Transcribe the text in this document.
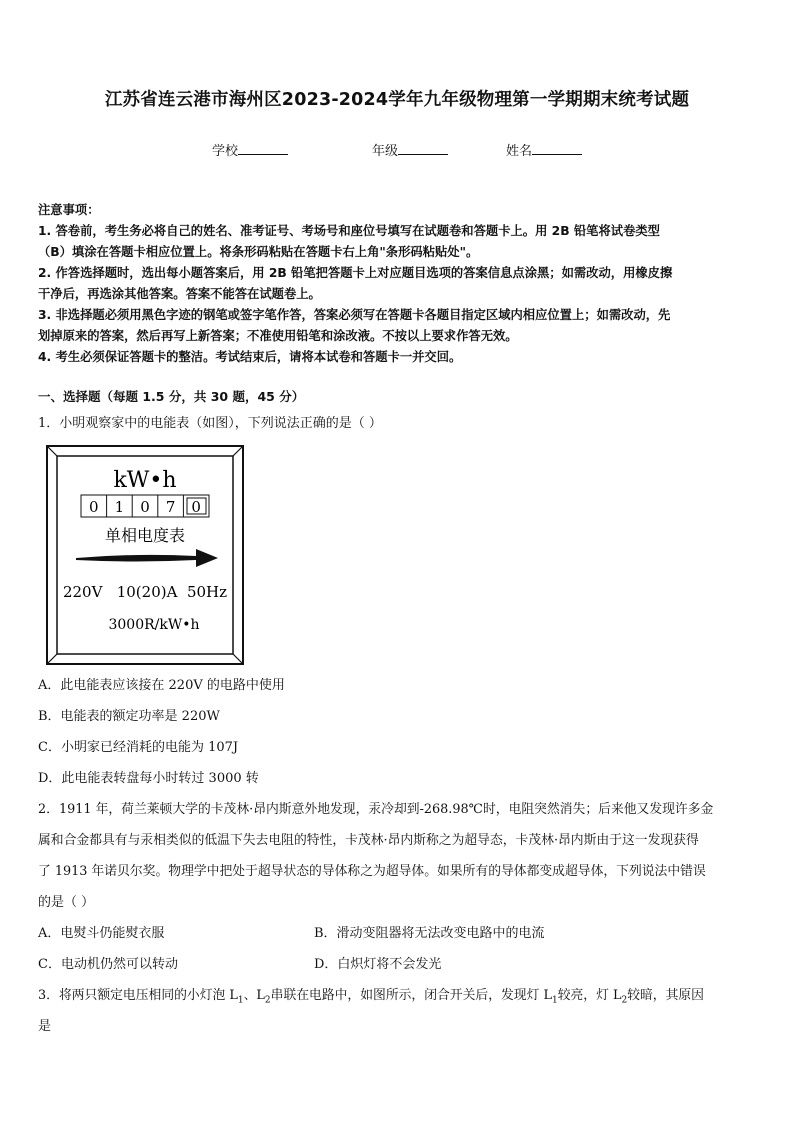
江苏省连云港市海州区2023-2024学年九年级物理第一学期期末统考试题
学校	年级	姓名

注意事项：

1. 答卷前，考生务必将自己的姓名、准考证号、考场号和座位号填写在试题卷和答题卡上。用 2B 铅笔将试卷类型

（B）填涂在答题卡相应位置上。将条形码粘贴在答题卡右上角"条形码粘贴处"。

2. 作答选择题时，选出每小题答案后，用 2B 铅笔把答题卡上对应题目选项的答案信息点涂黑；如需改动，用橡皮擦

干净后，再选涂其他答案。答案不能答在试题卷上。

3. 非选择题必须用黑色字迹的钢笔或签字笔作答，答案必须写在答题卡各题目指定区域内相应位置上；如需改动，先

划掉原来的答案，然后再写上新答案；不准使用铅笔和涂改液。不按以上要求作答无效。

4. 考生必须保证答题卡的整洁。考试结束后，请将本试卷和答题卡一并交回。

一、选择题（每题 1.5 分，共 30 题，45 分）
1．小明观察家中的电能表（如图），下列说法正确的是（ ）
kW•h
0 1 0 7 0
单相电度表
220V   10(20)A  50Hz
3000R/kW•h
A．此电能表应该接在 220V 的电路中使用
B．电能表的额定功率是 220W
C．小明家已经消耗的电能为 107J
D．此电能表转盘每小时转过 3000 转
2．1911 年，荷兰莱顿大学的卡茂林·昂内斯意外地发现，汞冷却到-268.98℃时，电阻突然消失；后来他又发现许多金
属和合金都具有与汞相类似的低温下失去电阻的特性，卡茂林·昂内斯称之为超导态，卡茂林·昂内斯由于这一发现获得
了 1913 年诺贝尔奖。物理学中把处于超导状态的导体称之为超导体。如果所有的导体都变成超导体，下列说法中错误
的是（ ）
A．电熨斗仍能熨衣服	B．滑动变阻器将无法改变电路中的电流
C．电动机仍然可以转动	D．白炽灯将不会发光
3．将两只额定电压相同的小灯泡 $L_1$、$L_2$串联在电路中，如图所示，闭合开关后，发现灯 $L_1$较亮，灯 $L_2$较暗，其原因
是
